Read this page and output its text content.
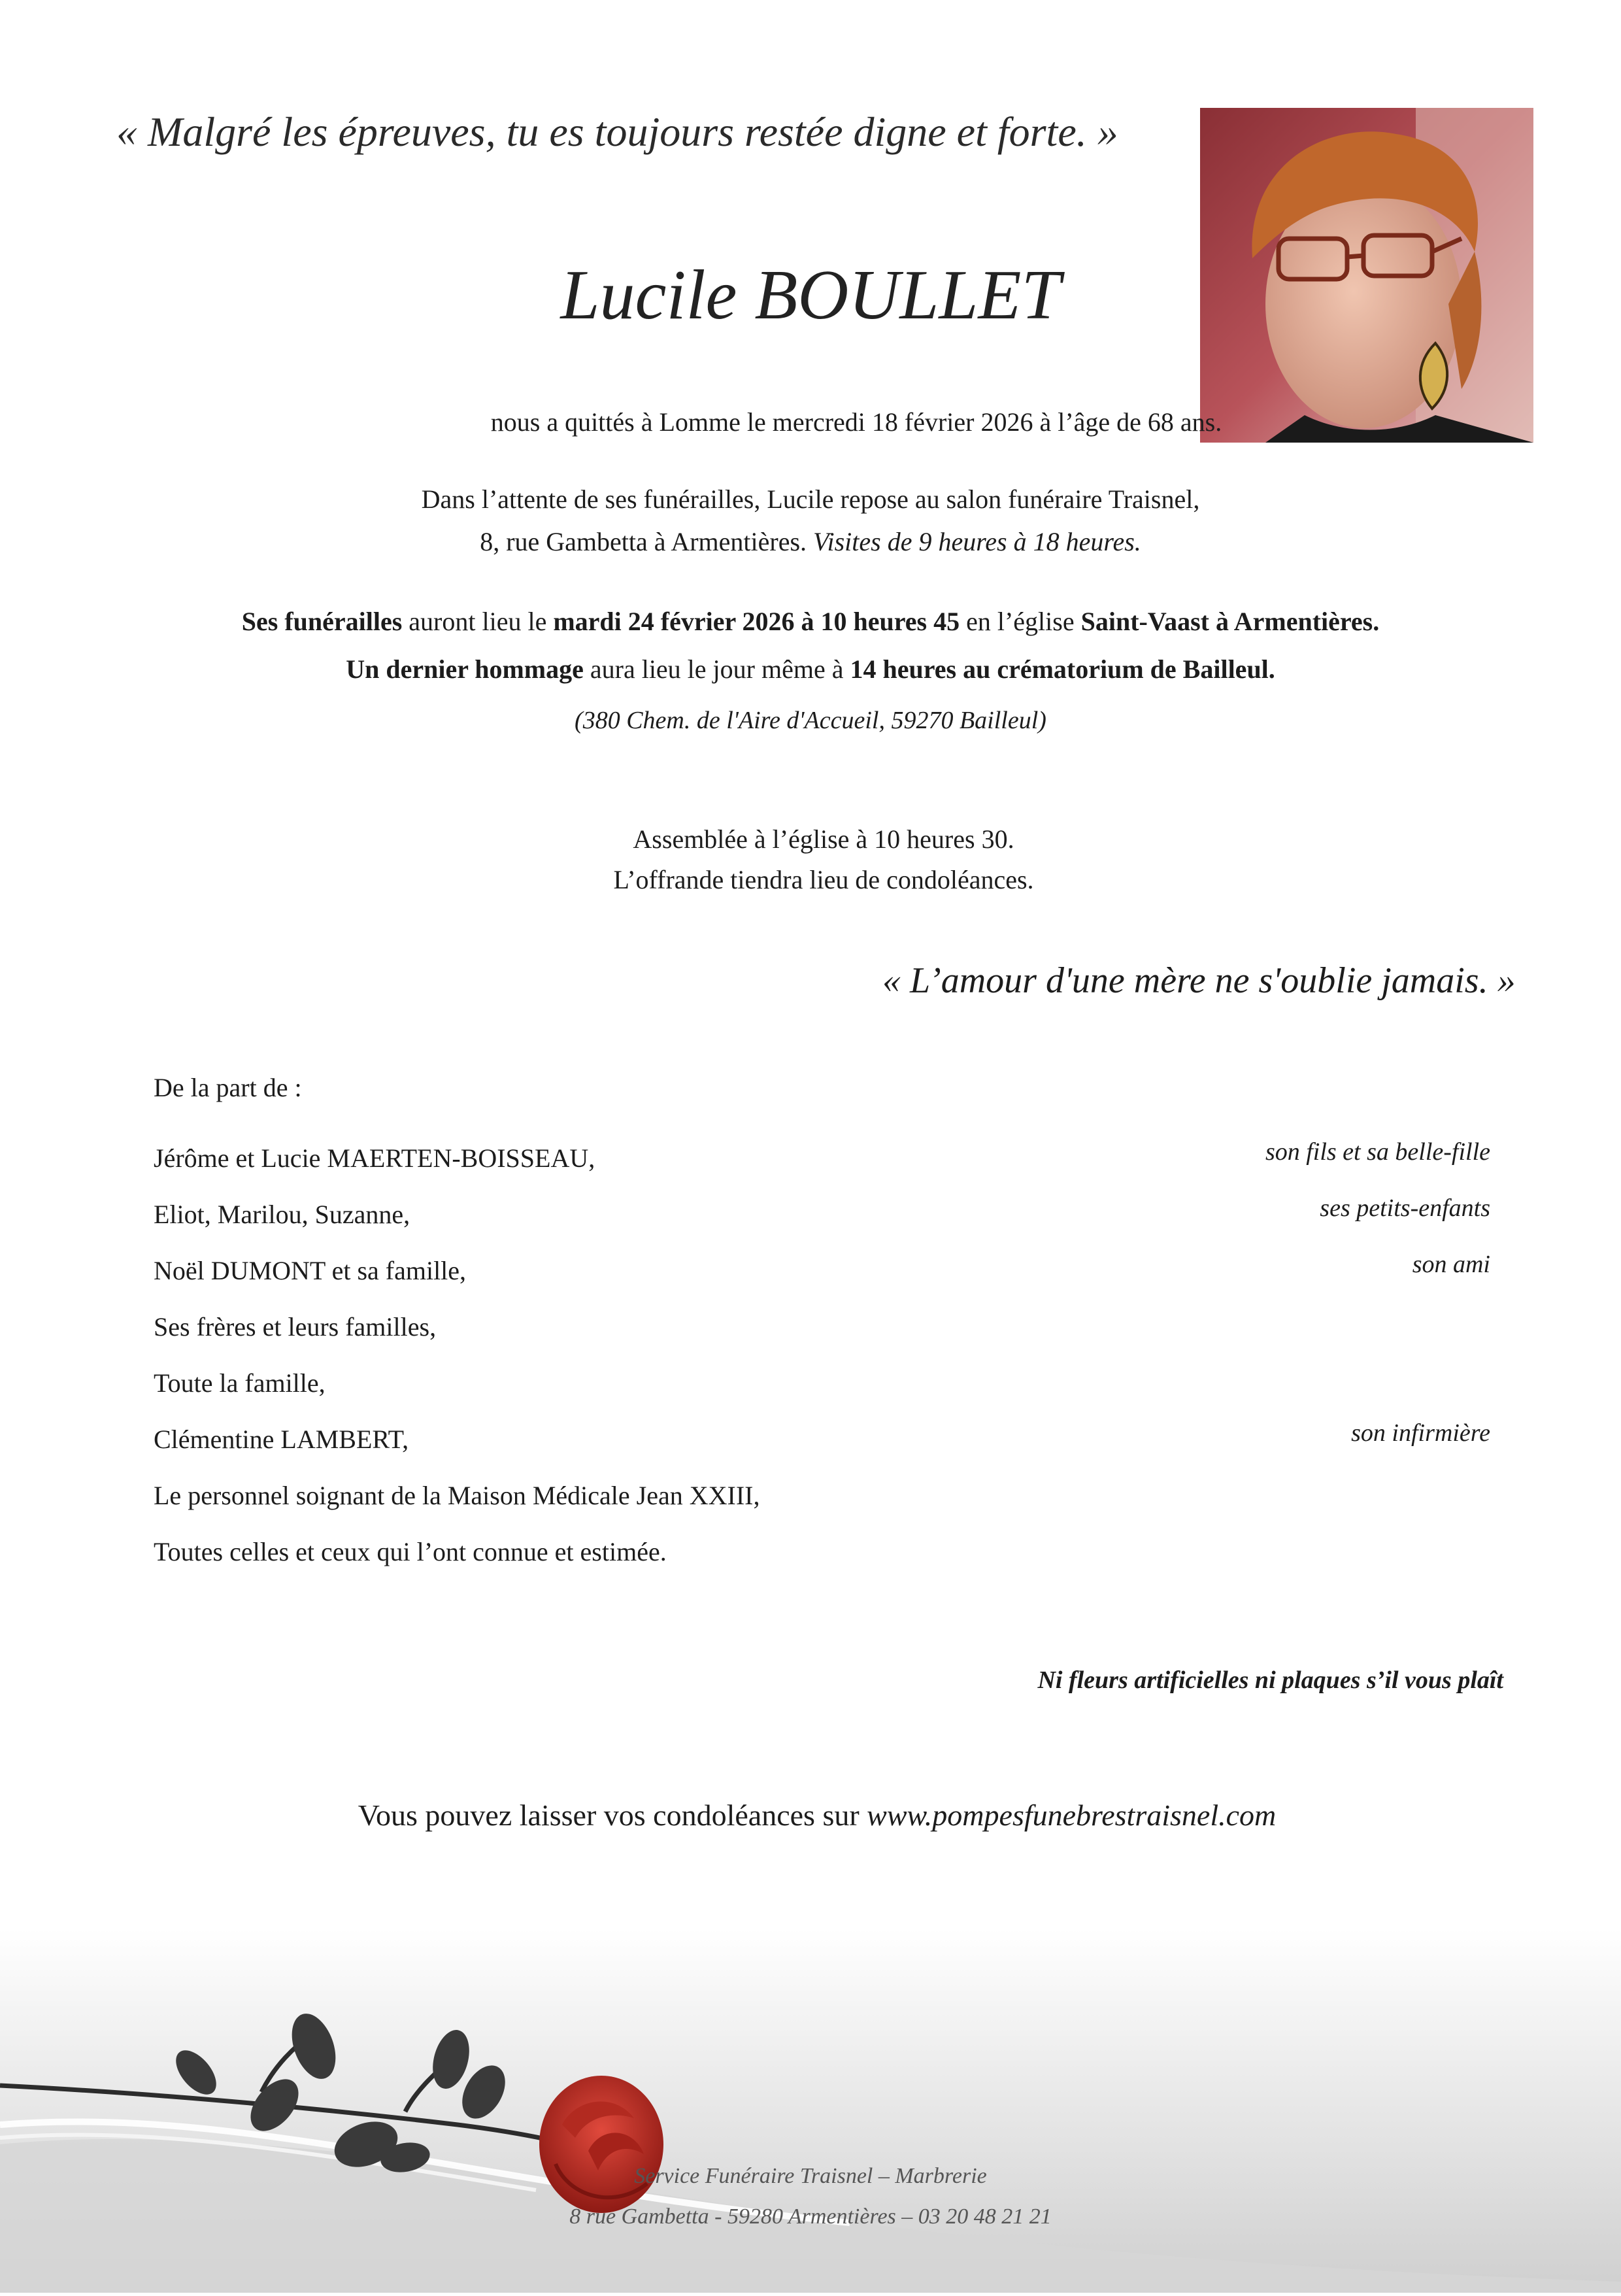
« Malgré les épreuves, tu es toujours restée digne et forte. »
Lucile BOULLET
nous a quittés à Lomme le mercredi 18 février 2026 à l’âge de 68 ans.
Dans l’attente de ses funérailles, Lucile repose au salon funéraire Traisnel,
8, rue Gambetta à Armentières. Visites de 9 heures à 18 heures.
Ses funérailles auront lieu le mardi 24 février 2026 à 10 heures 45 en l’église Saint-Vaast à Armentières.
Un dernier hommage aura lieu le jour même à 14 heures au crématorium de Bailleul.
(380 Chem. de l'Aire d'Accueil, 59270 Bailleul)
Assemblée à l’église à 10 heures 30.
L’offrande tiendra lieu de condoléances.
« L’amour d'une mère ne s'oublie jamais. »
De la part de :
Jérôme et Lucie MAERTEN-BOISSEAU,	son fils et sa belle-fille
Eliot, Marilou, Suzanne,	ses petits-enfants
Noël DUMONT et sa famille,	son ami
Ses frères et leurs familles,
Toute la famille,
Clémentine LAMBERT,	son infirmière
Le personnel soignant de la Maison Médicale Jean XXIII,
Toutes celles et ceux qui l’ont connue et estimée.
Ni fleurs artificielles ni plaques s’il vous plaît
Vous pouvez laisser vos condoléances sur www.pompesfunebrestraisnel.com
Service Funéraire Traisnel – Marbrerie
8 rue Gambetta - 59280 Armentières – 03 20 48 21 21
